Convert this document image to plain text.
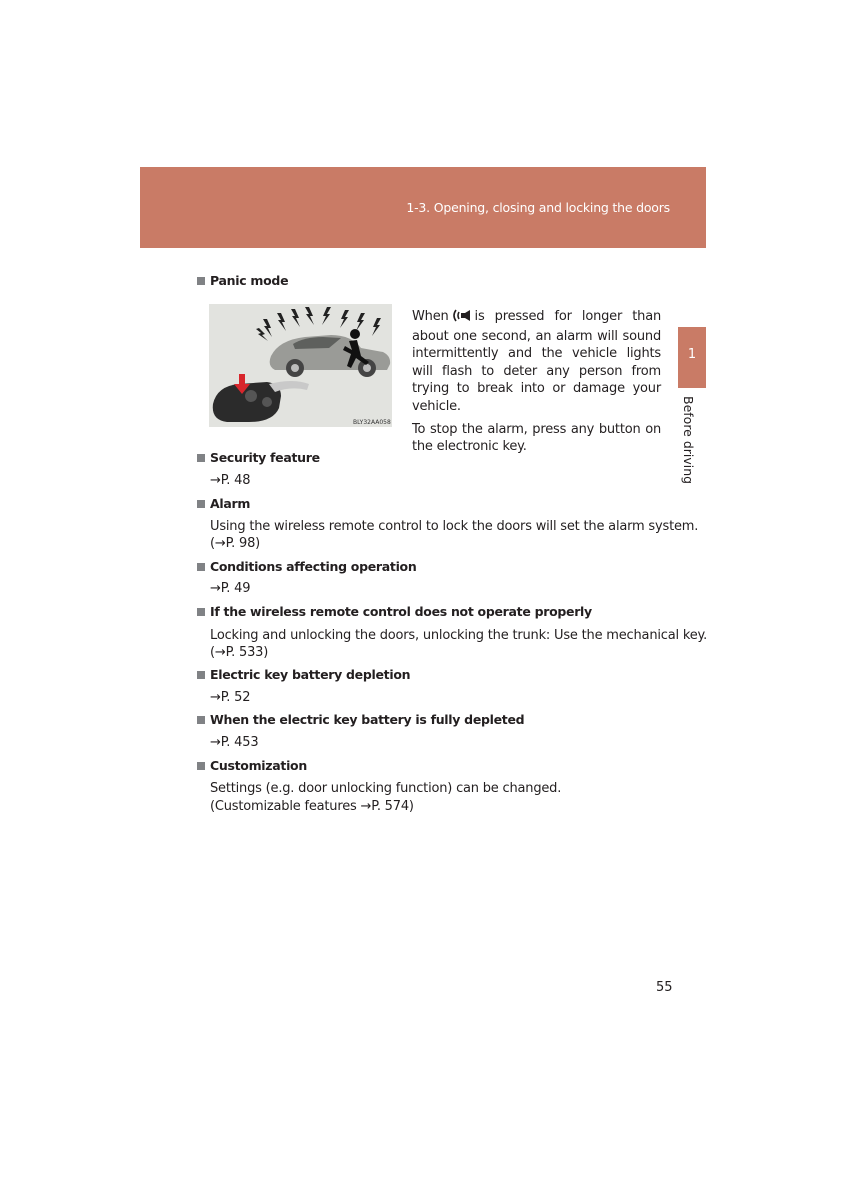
1-3. Opening, closing and locking the doors
1
Before driving
Panic mode
BLY32AA058

When is pressed for longer than about one second, an alarm will sound intermittently and the vehicle lights will flash to deter any person from trying to break into or damage your vehicle.

To stop the alarm, press any button on the electronic key.

Security feature
→P. 48
Alarm
Using the wireless remote control to lock the doors will set the alarm system.
(→P. 98)
Conditions affecting operation
→P. 49
If the wireless remote control does not operate properly
Locking and unlocking the doors, unlocking the trunk: Use the mechanical key.
(→P. 533)
Electric key battery depletion
→P. 52
When the electric key battery is fully depleted
→P. 453
Customization
Settings (e.g. door unlocking function) can be changed.
(Customizable features →P. 574)
55
